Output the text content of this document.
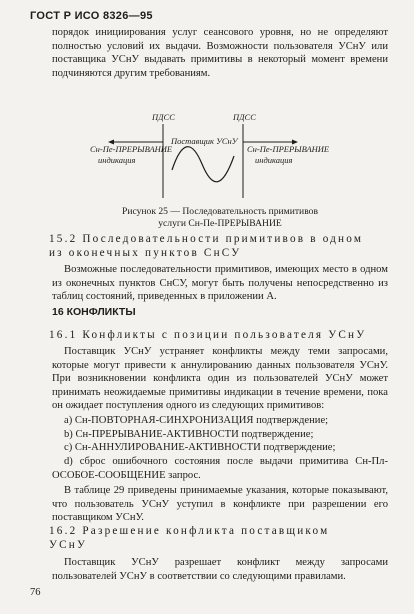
ГОСТ Р ИСО 8326—95

порядок инициирования услуг сеансового уровня, но не определяют полностью условий их выдачи. Возможности пользователя УСнУ или поставщика УСнУ выдавать примитивы в некоторый момент времени подчиняются другим требованиям.

ПДСС	ПДСС
Поставщик УСнУ
Сн-Пе-ПРЕРЫВАНИЕ
индикация
Сн-Пе-ПРЕРЫВАНИЕ
индикация
Рисунок 25 — Последовательность примитивов
услуги Сн-Пе-ПРЕРЫВАНИЕ
15.2 Последовательности примитивов в одном
из оконечных пунктов СнСУ

Возможные последовательности примитивов, имеющих место в одном из оконечных пунктов СнСУ, могут быть получены непосредственно из таблиц состояний, приведенных в приложении А.

16 КОНФЛИКТЫ
16.1 Конфликты с позиции пользователя УСнУ

Поставщик УСнУ устраняет конфликты между теми запросами, которые могут привести к аннулированию данных пользователя УСнУ. При возникновении конфликта один из пользователей УСнУ может принимать неожидаемые примитивы индикации в течение времени, пока он ожидает поступления одного из следующих примитивов:

а) Сн-ПОВТОРНАЯ-СИНХРОНИЗАЦИЯ подтверждение;
b) Сн-ПРЕРЫВАНИЕ-АКТИВНОСТИ подтверждение;
с) Сн-АННУЛИРОВАНИЕ-АКТИВНОСТИ подтверждение;

d) сброс ошибочного состояния после выдачи примитива Сн-Пл-ОСОБОЕ-СООБЩЕНИЕ запрос.

В таблице 29 приведены принимаемые указания, которые показывают, что пользователь УСнУ уступил в конфликте при разрешении его поставщиком УСнУ.

16.2 Разрешение конфликта поставщиком
УСнУ

Поставщик УСнУ разрешает конфликт между запросами пользователей УСнУ в соответствии со следующими правилами.

76
